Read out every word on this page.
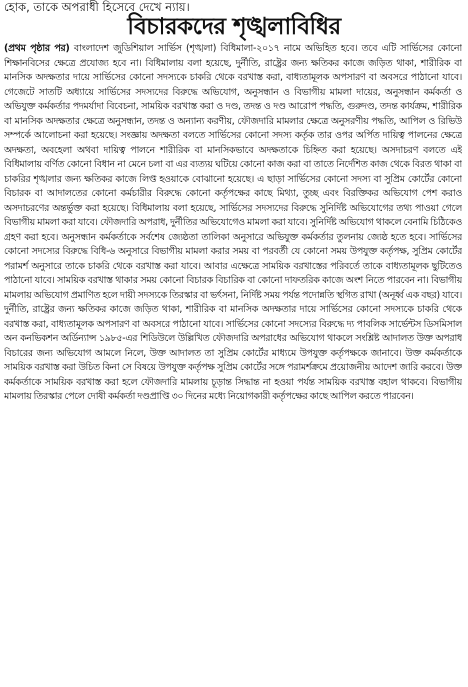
হোক, তাকে অপরাধী হিসেবে দেখে ন্যায়।
বিচারকদের শৃঙ্খলাবিধির

(প্রথম পৃষ্ঠার পর) বাংলাদেশ জুডিশিয়াল সার্ভিস (শৃঙ্খলা) বিধিমালা-২০১৭ নামে অভিহিত হবে। তবে এটি সার্ভিসের কোনো শিক্ষানবিসের ক্ষেত্রে প্রযোজ্য হবে না। বিধিমালায় বলা হয়েছে, দুর্নীতি, রাষ্ট্রের জন্য ক্ষতিকর কাজে জড়িত থাকা, শারীরিক বা মানসিক অদক্ষতার দায়ে সার্ভিসের কোনো সদস্যকে চাকরি থেকে বরখাস্ত করা, বাধ্যতামূলক অপসারণ বা অবসরে পাঠানো যাবে। গেজেটে সাতটি অধ্যায়ে সার্ভিসের সদস্যদের বিরুদ্ধে অভিযোগ, অনুসন্ধান ও বিভাগীয় মামলা দায়ের, অনুসন্ধান কর্মকর্তা ও অভিযুক্ত কর্মকর্তার পদমর্যাদা বিবেচনা, সাময়িক বরখাস্ত করা ও দণ্ড, তদন্ত ও দণ্ড আরোপ পদ্ধতি, গুরুদণ্ড, তদন্ত কার্যক্রম, শারীরিক বা মানসিক অদক্ষতার ক্ষেত্রে অনুসন্ধান, তদন্ত ও অন্যান্য করণীয়, ফৌজদারি মামলার ক্ষেত্রে অনুসরণীয় পদ্ধতি, আপিল ও রিভিউ সম্পর্কে আলোচনা করা হয়েছে। সংজ্ঞায় অদক্ষতা বলতে সার্ভিসের কোনো সদস্য কর্তৃক তার ওপর অর্পিত দায়িত্ব পালনের ক্ষেত্রে অদক্ষতা, অবহেলা অথবা দায়িত্ব পালনে শারীরিক বা মানসিকভাবে অদক্ষতাকে চিহ্নিত করা হয়েছে। অসদাচরণ বলতে এই বিধিমালায় বর্ণিত কোনো বিধান না মেনে চলা বা এর ব্যত্যয় ঘটিয়ে কোনো কাজ করা বা তাতে নির্দেশিত কাজ থেকে বিরত থাকা বা চাকরির শৃঙ্খলার জন্য ক্ষতিকর কাজে লিপ্ত হওয়াকে বোঝানো হয়েছে। এ ছাড়া সার্ভিসের কোনো সদস্য বা সুপ্রিম কোর্টের কোনো বিচারক বা আদালতের কোনো কর্মচারীর বিরুদ্ধে কোনো কর্তৃপক্ষের কাছে মিথ্যা, তুচ্ছ এবং বিরক্তিকর অভিযোগ পেশ করাও অসদাচরণের অন্তর্ভুক্ত করা হয়েছে। বিধিমালায় বলা হয়েছে, সার্ভিসের সদস্যদের বিরুদ্ধে সুনির্দিষ্ট অভিযোগের তথ্য পাওয়া গেলে বিভাগীয় মামলা করা যাবে। ফৌজদারি অপরাধ, দুর্নীতির অভিযোগেও মামলা করা যাবে। সুনির্দিষ্ট অভিযোগ থাকলে বেনামি চিঠিকেও গ্রহণ করা হবে। অনুসন্ধান কর্মকর্তাকে সর্বশেষ জ্যেষ্ঠতা তালিকা অনুসারে অভিযুক্ত কর্মকর্তার তুলনায় জ্যেষ্ঠ হতে হবে। সার্ভিসের কোনো সদস্যের বিরুদ্ধে বিধি-৬ অনুসারে বিভাগীয় মামলা করার সময় বা পরবর্তী যে কোনো সময় উপযুক্ত কর্তৃপক্ষ, সুপ্রিম কোর্টের পরামর্শ অনুসারে তাকে চাকরি থেকে বরখাস্ত করা যাবে। আবার এক্ষেত্রে সাময়িক বরখাস্তের পরিবর্তে তাকে বাধ্যতামূলক ছুটিতেও পাঠানো যাবে। সাময়িক বরখাস্ত থাকার সময় কোনো বিচারক বিচারিক বা কোনো দাফতরিক কাজে অংশ নিতে পারবেন না। বিভাগীয় মামলায় অভিযোগ প্রমাণিত হলে দায়ী সদস্যকে তিরস্কার বা ভর্ৎসনা, নির্দিষ্ট সময় পর্যন্ত পদোন্নতি স্থগিত রাখা (অনূর্ধ্ব এক বছর) যাবে। দুর্নীতি, রাষ্ট্রের জন্য ক্ষতিকর কাজে জড়িত থাকা, শারীরিক বা মানসিক অদক্ষতার দায়ে সার্ভিসের কোনো সদস্যকে চাকরি থেকে বরখাস্ত করা, বাধ্যতামূলক অপসারণ বা অবসরে পাঠানো যাবে। সার্ভিসের কোনো সদস্যের বিরুদ্ধে দ্য পাবলিক সার্ভেন্টস ডিসমিসাল অন কনভিকশন অর্ডিন্যান্স ১৯৮৫-এর শিডিউলে উল্লিখিত ফৌজদারি অপরাধের অভিযোগ থাকলে সংশ্লিষ্ট আদালত উক্ত অপরাধ বিচারের জন্য অভিযোগ আমলে নিলে, উক্ত আদালত তা সুপ্রিম কোর্টের মাধ্যমে উপযুক্ত কর্তৃপক্ষকে জানাবে। উক্ত কর্মকর্তাকে সাময়িক বরখাস্ত করা উচিত কিনা সে বিষয়ে উপযুক্ত কর্তৃপক্ষ সুপ্রিম কোর্টের সঙ্গে পরামর্শক্রমে প্রয়োজনীয় আদেশ জারি করবে। উক্ত কর্মকর্তাকে সাময়িক বরখাস্ত করা হলে ফৌজদারি মামলায় চূড়ান্ত সিদ্ধান্ত না হওয়া পর্যন্ত সাময়িক বরখাস্ত বহাল থাকবে। বিভাগীয় মামলায় তিরস্কার পেলে দোষী কর্মকর্তা দণ্ডপ্রাপ্তি ৩০ দিনের মধ্যে নিয়োগকারী কর্তৃপক্ষের কাছে আপিল করতে পারবেন।
